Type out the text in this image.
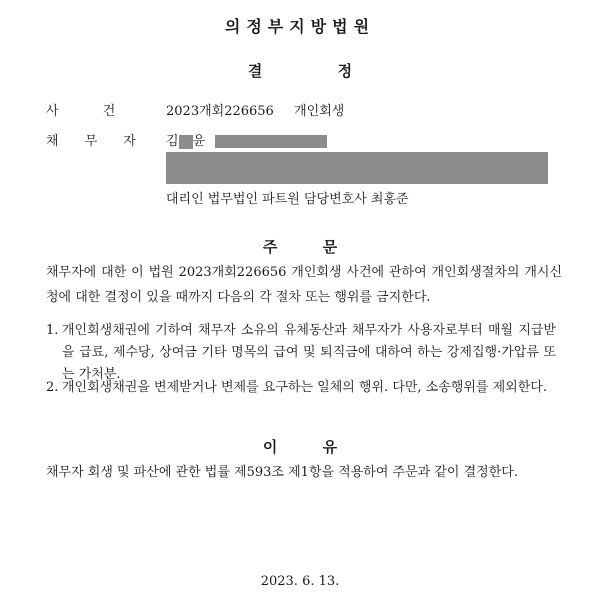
의정부지방법원
결 정
사 건	2023개회226656 개인회생
채 무 자 김 윤
대리인 법무법인 파트원 담당변호사 최홍준
주 문

채무자에 대한 이 법원 2023개회226656 개인회생 사건에 관하여 개인회생절차의 개시신청에 대한 결정이 있을 때까지 다음의 각 절차 또는 행위를 금지한다.

1. 개인회생채권에 기하여 채무자 소유의 유체동산과 채무자가 사용자로부터 매월 지급받을 급료, 제수당, 상여금 기타 명목의 급여 및 퇴직금에 대하여 하는 강제집행·가압류 또는 가처분.
2. 개인회생채권을 변제받거나 변제를 요구하는 일체의 행위. 다만, 소송행위를 제외한다.
이 유

채무자 회생 및 파산에 관한 법률 제593조 제1항을 적용하여 주문과 같이 결정한다.

2023. 6. 13.
